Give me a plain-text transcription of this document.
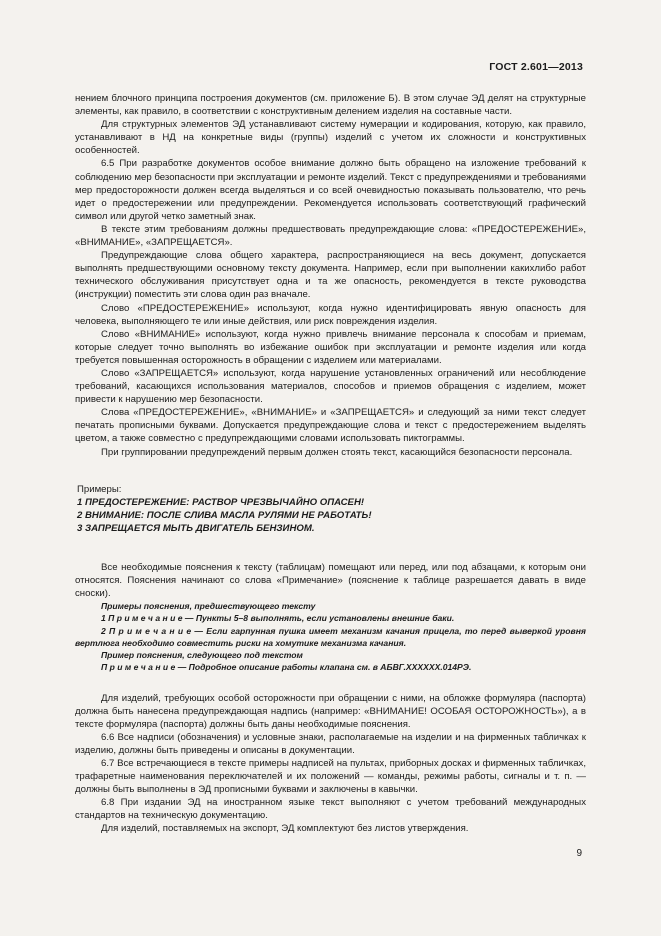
ГОСТ 2.601—2013

нением блочного принципа построения документов (см. приложение Б). В этом случае ЭД делят на структурные элементы, как правило, в соответствии с конструктивным делением изделия на составные части.

Для структурных элементов ЭД устанавливают систему нумерации и кодирования, которую, как правило, устанавливают в НД на конкретные виды (группы) изделий с учетом их сложности и конструктивных особенностей.

6.5 При разработке документов особое внимание должно быть обращено на изложение требований к соблюдению мер безопасности при эксплуатации и ремонте изделий. Текст с предупреждениями и требованиями мер предосторожности должен всегда выделяться и со всей очевидностью показывать пользователю, что речь идет о предостережении или предупреждении. Рекомендуется использовать соответствующий графический символ или другой четко заметный знак.

В тексте этим требованиям должны предшествовать предупреждающие слова: «ПРЕДОСТЕРЕЖЕНИЕ», «ВНИМАНИЕ», «ЗАПРЕЩАЕТСЯ».

Предупреждающие слова общего характера, распространяющиеся на весь документ, допускается выполнять предшествующими основному тексту документа. Например, если при выполнении какихлибо работ технического обслуживания присутствует одна и та же опасность, рекомендуется в тексте руководства (инструкции) поместить эти слова один раз вначале.

Слово «ПРЕДОСТЕРЕЖЕНИЕ» используют, когда нужно идентифицировать явную опасность для человека, выполняющего те или иные действия, или риск повреждения изделия.

Слово «ВНИМАНИЕ» используют, когда нужно привлечь внимание персонала к способам и приемам, которые следует точно выполнять во избежание ошибок при эксплуатации и ремонте изделия или когда требуется повышенная осторожность в обращении с изделием или материалами.

Слово «ЗАПРЕЩАЕТСЯ» используют, когда нарушение установленных ограничений или несоблюдение требований, касающихся использования материалов, способов и приемов обращения с изделием, может привести к нарушению мер безопасности.

Слова «ПРЕДОСТЕРЕЖЕНИЕ», «ВНИМАНИЕ» и «ЗАПРЕЩАЕТСЯ» и следующий за ними текст следует печатать прописными буквами. Допускается предупреждающие слова и текст с предостережением выделять цветом, а также совместно с предупреждающими словами использовать пиктограммы.

При группировании предупреждений первым должен стоять текст, касающийся безопасности персонала.

Примеры:

1 ПРЕДОСТЕРЕЖЕНИЕ: РАСТВОР ЧРЕЗВЫЧАЙНО ОПАСЕН!

2 ВНИМАНИЕ: ПОСЛЕ СЛИВА МАСЛА РУЛЯМИ НЕ РАБОТАТЬ!

3 ЗАПРЕЩАЕТСЯ МЫТЬ ДВИГАТЕЛЬ БЕНЗИНОМ.

Все необходимые пояснения к тексту (таблицам) помещают или перед, или под абзацами, к которым они относятся. Пояснения начинают со слова «Примечание» (пояснение к таблице разрешается давать в виде сноски).

Примеры пояснения, предшествующего тексту

1 П р и м е ч а н и е — Пункты 5–8 выполнять, если установлены внешние баки.

2 П р и м е ч а н и е — Если гарпунная пушка имеет механизм качания прицела, то перед выверкой уровня вертлюга необходимо совместить риски на хомутике механизма качания.

Пример пояснения, следующего под текстом

П р и м е ч а н и е — Подробное описание работы клапана см. в АБВГ.XXXXXX.014РЭ.

Для изделий, требующих особой осторожности при обращении с ними, на обложке формуляра (паспорта) должна быть нанесена предупреждающая надпись (например: «ВНИМАНИЕ! ОСОБАЯ ОСТОРОЖНОСТЬ»), а в тексте формуляра (паспорта) должны быть даны необходимые пояснения.

6.6 Все надписи (обозначения) и условные знаки, располагаемые на изделии и на фирменных табличках к изделию, должны быть приведены и описаны в документации.

6.7 Все встречающиеся в тексте примеры надписей на пультах, приборных досках и фирменных табличках, трафаретные наименования переключателей и их положений — команды, режимы работы, сигналы и т. п. — должны быть выполнены в ЭД прописными буквами и заключены в кавычки.

6.8 При издании ЭД на иностранном языке текст выполняют с учетом требований международных стандартов на техническую документацию.

Для изделий, поставляемых на экспорт, ЭД комплектуют без листов утверждения.

9
